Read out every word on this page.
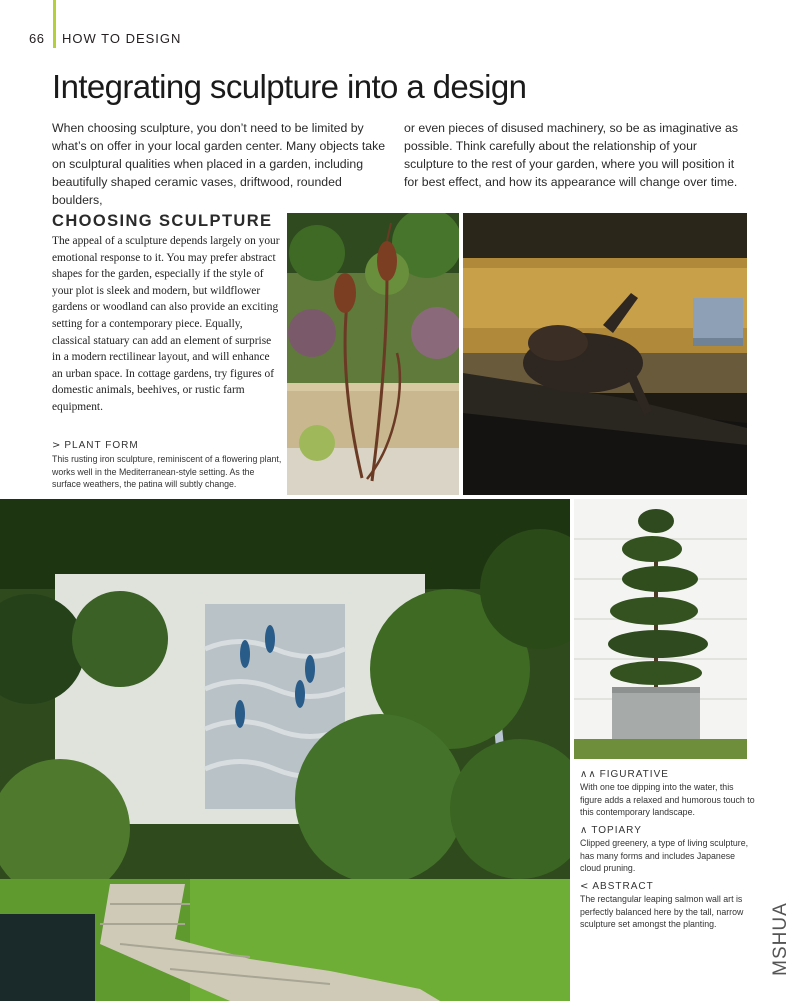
66 HOW TO DESIGN
Integrating sculpture into a design
When choosing sculpture, you don’t need to be limited by what’s on offer in your local garden center. Many objects take on sculptural qualities when placed in a garden, including beautifully shaped ceramic vases, driftwood, rounded boulders,
or even pieces of disused machinery, so be as imaginative as possible. Think carefully about the relationship of your sculpture to the rest of your garden, where you will position it for best effect, and how its appearance will change over time.
CHOOSING SCULPTURE
The appeal of a sculpture depends largely on your emotional response to it. You may prefer abstract shapes for the garden, especially if the style of your plot is sleek and modern, but wildflower gardens or woodland can also provide an exciting setting for a contemporary piece. Equally, classical statuary can add an element of surprise in a modern rectilinear layout, and will enhance an urban space. In cottage gardens, try figures of domestic animals, beehives, or rustic farm equipment.
> PLANT FORM
This rusting iron sculpture, reminiscent of a flowering plant, works well in the Mediterranean-style setting. As the surface weathers, the patina will subtly change.
∧∧ FIGURATIVE
With one toe dipping into the water, this figure adds a relaxed and humorous touch to this contemporary landscape.
∧ TOPIARY
Clipped greenery, a type of living sculpture, has many forms and includes Japanese cloud pruning.
< ABSTRACT
The rectangular leaping salmon wall art is perfectly balanced here by the tall, narrow sculpture set amongst the planting.	MSHUA
